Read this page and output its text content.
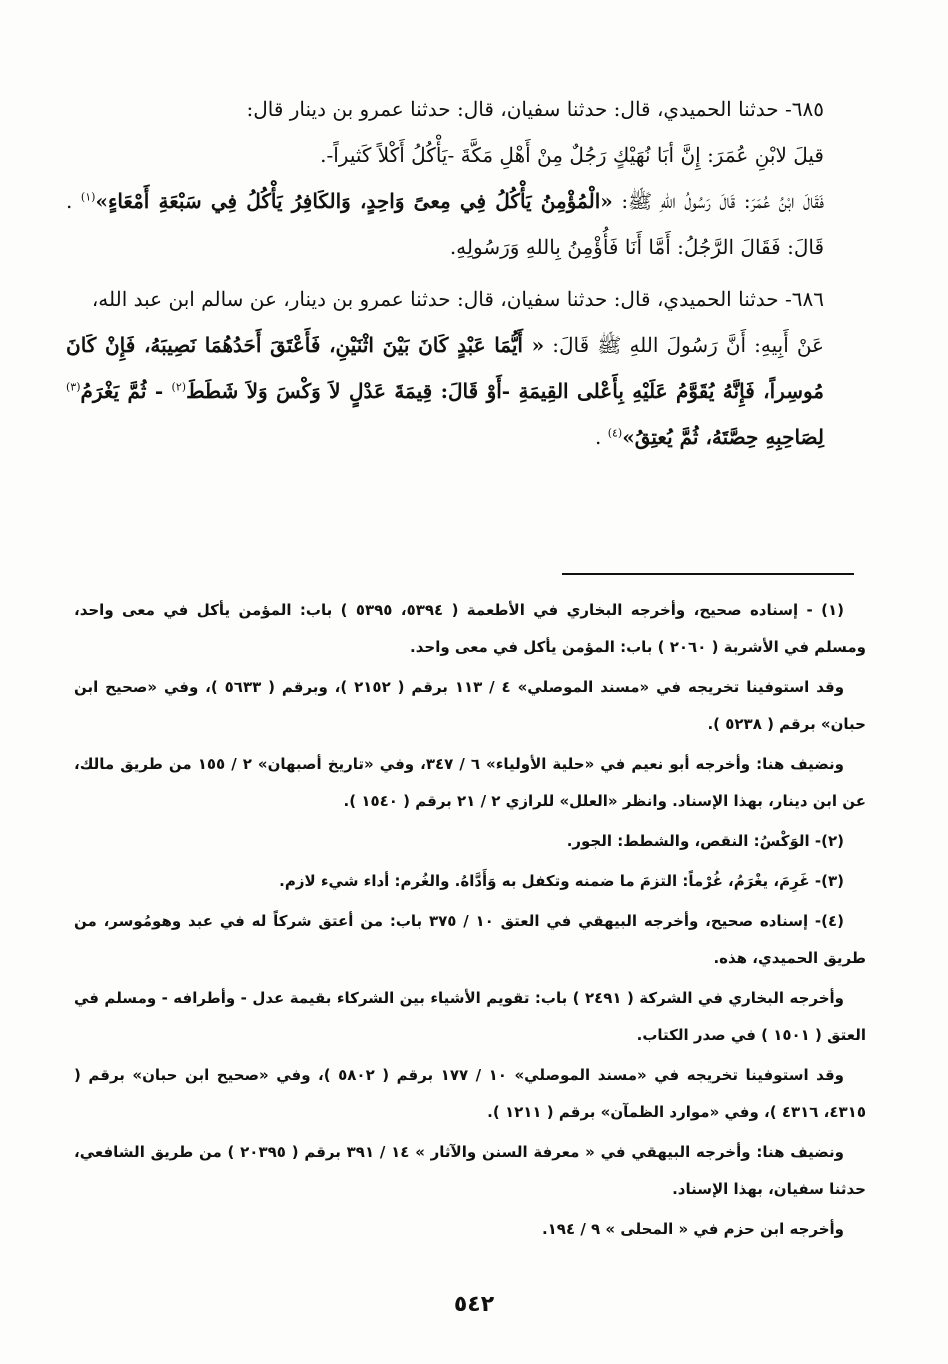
٦٨٥- حدثنا الحميدي، قال: حدثنا سفيان، قال: حدثنا عمرو بن دينار قال:
قيلَ لابْنِ عُمَرَ: إِنَّ أبَا نُهَيْكٍ رَجُلٌ مِنْ أَهْلِ مَكَّةَ -يَأْكُلُ أَكْلاً كَثيراً-.
فَقَالَ ابْنُ عُمَرَ: قَالَ رَسُولُ اللهِ ﷺ: «الْمُؤْمِنُ يَأْكُلُ فِي مِعىً وَاحِدٍ، وَالكَافِرُ يَأْكُلُ فِي سَبْعَةِ أَمْعَاءٍ»$^{(١)}$ . قَالَ: فَقَالَ الرَّجُلُ: أَمَّا أَنَا فَأُؤْمِنُ بِاللهِ وَرَسُولِهِ.

٦٨٦- حدثنا الحميدي، قال: حدثنا سفيان، قال: حدثنا عمرو بن دينار، عن سالم ابن عبد الله،
عَنْ أَبِيهِ: أَنَّ رَسُولَ اللهِ ﷺ قَالَ: « أَيُّمَا عَبْدٍ كَانَ بَيْنَ اثْنَيْنِ، فَأَعْتَقَ أَحَدُهُمَا نَصِيبَهُ، فَإِنْ كَانَ مُوسِراً، فَإِنَّهُ يُقَوَّمُ عَلَيْهِ بِأَعْلى القِيمَةِ -أَوْ قَالَ: قِيمَةَ عَدْلٍ لاَ وَكْسَ وَلاَ شَطَطَ$^{(٢)}$ - ثُمَّ يَغْرَمُ$^{(٣)}$ لِصَاحِبِهِ حِصَّتَهُ، ثُمَّ يُعتِقُ»$^{(٤)}$ .

(١) - إسناده صحيح، وأخرجه البخاري في الأطعمة ( ٥٣٩٤، ٥٣٩٥ ) باب: المؤمن يأكل في معى واحد، ومسلم في الأشربة ( ٢٠٦٠ ) باب: المؤمن يأكل في معى واحد.

وقد استوفينا تخريجه في «مسند الموصلي» ٤ / ١١٣ برقم ( ٢١٥٢ )، وبرقم ( ٥٦٣٣ )، وفي «صحيح ابن حبان» برقم ( ٥٢٣٨ ).

ونضيف هنا: وأخرجه أبو نعيم في «حلية الأولياء» ٦ / ٣٤٧، وفي «تاريخ أصبهان» ٢ / ١٥٥ من طريق مالك، عن ابن دينار، بهذا الإسناد. وانظر «العلل» للرازي ٢ / ٢١ برقم ( ١٥٤٠ ).

(٢)- الوَكْسُ: النقص، والشطط: الجور.

(٣)- غَرِمَ، يغْرَمُ، غُرْماً: التزمَ ما ضمنه وتكفل به وَأَدَّاهُ. والغُرم: أداء شيء لازم.

(٤)- إسناده صحيح، وأخرجه البيهقي في العتق ١٠ / ٣٧٥ باب: من أعتق شركاً له في عبد وهومُوسر، من طريق الحميدي، هذه.

وأخرجه البخاري في الشركة ( ٢٤٩١ ) باب: تقويم الأشياء بين الشركاء بقيمة عدل - وأطرافه - ومسلم في العتق ( ١٥٠١ ) في صدر الكتاب.

وقد استوفينا تخريجه في «مسند الموصلي» ١٠ / ١٧٧ برقم ( ٥٨٠٢ )، وفي «صحيح ابن حبان» برقم ( ٤٣١٥، ٤٣١٦ )، وفي «موارد الظمآن» برقم ( ١٢١١ ).

ونضيف هنا: وأخرجه البيهقي في « معرفة السنن والآثار » ١٤ / ٣٩١ برقم ( ٢٠٣٩٥ ) من طريق الشافعي، حدثنا سفيان، بهذا الإسناد.

وأخرجه ابن حزم في « المحلى » ٩ / ١٩٤.

٥٤٢
